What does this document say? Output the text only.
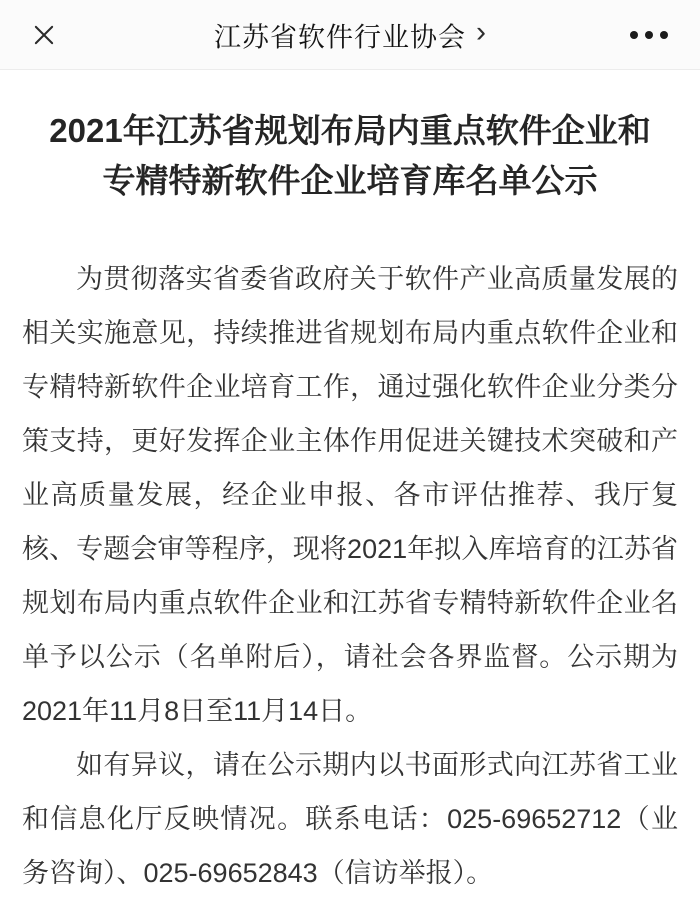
江苏省软件行业协会 ›
2021年江苏省规划布局内重点软件企业和
专精特新软件企业培育库名单公示

为贯彻落实省委省政府关于软件产业高质量发展的相关实施意见，持续推进省规划布局内重点软件企业和专精特新软件企业培育工作，通过强化软件企业分类分策支持，更好发挥企业主体作用促进关键技术突破和产业高质量发展，经企业申报、各市评估推荐、我厅复核、专题会审等程序，现将2021年拟入库培育的江苏省规划布局内重点软件企业和江苏省专精特新软件企业名单予以公示（名单附后），请社会各界监督。公示期为2021年11月8日至11月14日。

如有异议，请在公示期内以书面形式向江苏省工业和信息化厅反映情况。联系电话：025-69652712（业务咨询）、025-69652843（信访举报）。
